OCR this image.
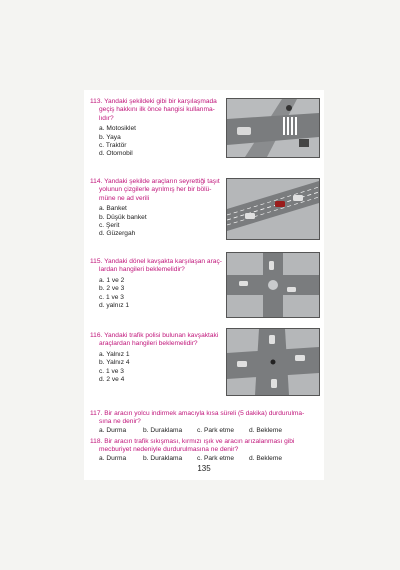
113. Yandaki şekildeki gibi bir karşılaşmada
geçiş hakkını ilk önce hangisi kullanma-
lıdır?
a. Motosiklet
b. Yaya
c. Traktör
d. Otomobil
114. Yandaki şekilde araçların seyrettiği taşıt
yolunun çizgilerle ayrılmış her bir bölü-
müne ne ad verili
a. Banket
b. Düşük banket
c. Şerit
d. Güzergah
115. Yandaki dönel kavşakta karşılaşan araç-
lardan hangileri beklemelidir?
a. 1 ve 2
b. 2 ve 3
c. 1 ve 3
d. yalnız 1
116. Yandaki trafik polisi bulunan kavşaktaki
araçlardan hangileri beklemelidir?
a. Yalnız 1
b. Yalnız 4
c. 1 ve 3
d. 2 ve 4
117. Bir aracın yolcu indirmek amacıyla kısa süreli (5 dakika) durdurulma-
sına ne denir?
a. Durma	b. Duraklama	c. Park etme	d. Bekleme
118. Bir aracın trafik sıkışması, kırmızı ışık ve aracın arızalanması gibi
mecburiyet nedeniyle durdurulmasına ne denir?
a. Durma	b. Duraklama	c. Park etme	d. Bekleme
135
